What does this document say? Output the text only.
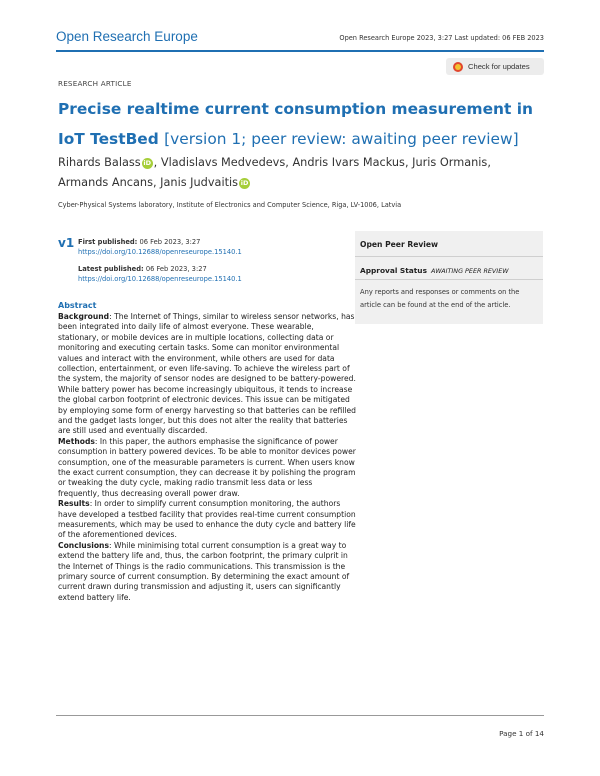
Open Research Europe	Open Research Europe 2023, 3:27 Last updated: 06 FEB 2023
RESEARCH ARTICLE
Check for updates
Precise realtime current consumption measurement in IoT TestBed [version 1; peer review: awaiting peer review]
Rihards Balass iD , Vladislavs Medvedevs, Andris Ivars Mackus, Juris Ormanis,
Armands Ancans, Janis Judvaitis iD
Cyber-Physical Systems laboratory, Institute of Electronics and Computer Science, Riga, LV-1006, Latvia
v1 First published: 06 Feb 2023, 3:27
https://doi.org/10.12688/openreseurope.15140.1
Latest published: 06 Feb 2023, 3:27
https://doi.org/10.12688/openreseurope.15140.1
Abstract

Background: The Internet of Things, similar to wireless sensor networks, has been integrated into daily life of almost everyone. These wearable, stationary, or mobile devices are in multiple locations, collecting data or monitoring and executing certain tasks. Some can monitor environmental values and interact with the environment, while others are used for data collection, entertainment, or even life-saving. To achieve the wireless part of the system, the majority of sensor nodes are designed to be battery-powered. While battery power has become increasingly ubiquitous, it tends to increase the global carbon footprint of electronic devices. This issue can be mitigated by employing some form of energy harvesting so that batteries can be refilled and the gadget lasts longer, but this does not alter the reality that batteries are still used and eventually discarded.

Methods: In this paper, the authors emphasise the significance of power consumption in battery powered devices. To be able to monitor devices power consumption, one of the measurable parameters is current. When users know the exact current consumption, they can decrease it by polishing the program or tweaking the duty cycle, making radio transmit less data or less frequently, thus decreasing overall power draw.

Results: In order to simplify current consumption monitoring, the authors have developed a testbed facility that provides real-time current consumption measurements, which may be used to enhance the duty cycle and battery life of the aforementioned devices.

Conclusions: While minimising total current consumption is a great way to extend the battery life and, thus, the carbon footprint, the primary culprit in the Internet of Things is the radio communications. This transmission is the primary source of current consumption. By determining the exact amount of current drawn during transmission and adjusting it, users can significantly extend battery life.

Open Peer Review
Approval Status AWAITING PEER REVIEW
Any reports and responses or comments on the article can be found at the end of the article.
Page 1 of 14
